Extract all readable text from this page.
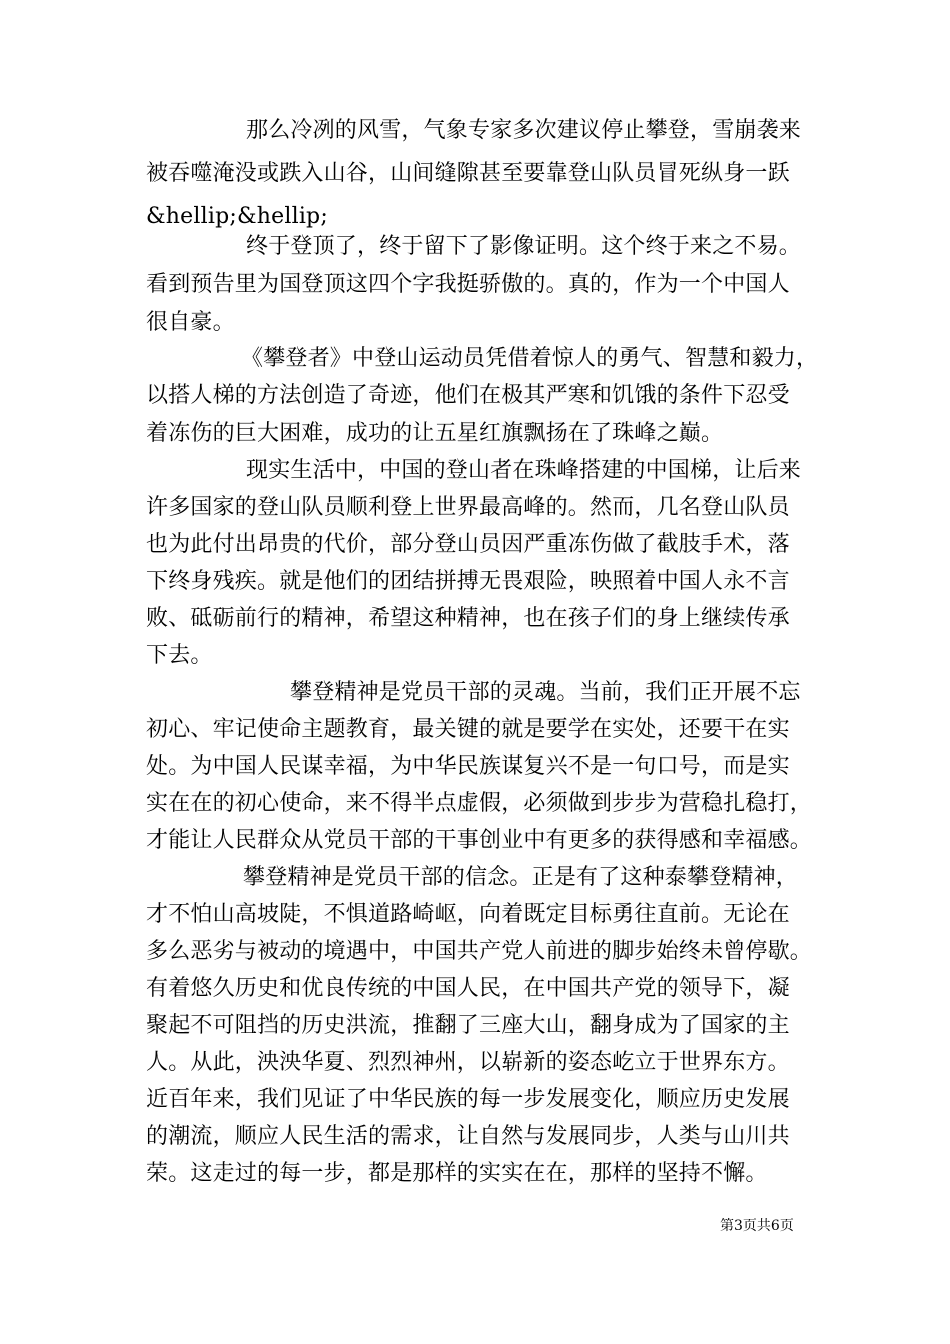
那么冷冽的风雪，气象专家多次建议停止攀登，雪崩袭来
被吞噬淹没或跌入山谷，山间缝隙甚至要靠登山队员冒死纵身一跃
&hellip;&hellip;
终于登顶了，终于留下了影像证明。这个终于来之不易。
看到预告里为国登顶这四个字我挺骄傲的。真的，作为一个中国人
很自豪。
《攀登者》中登山运动员凭借着惊人的勇气、智慧和毅力，
以搭人梯的方法创造了奇迹，他们在极其严寒和饥饿的条件下忍受
着冻伤的巨大困难，成功的让五星红旗飘扬在了珠峰之巅。
现实生活中，中国的登山者在珠峰搭建的中国梯，让后来
许多国家的登山队员顺利登上世界最高峰的。然而，几名登山队员
也为此付出昂贵的代价，部分登山员因严重冻伤做了截肢手术，落
下终身残疾。就是他们的团结拼搏无畏艰险，映照着中国人永不言
败、砥砺前行的精神，希望这种精神，也在孩子们的身上继续传承
下去。
攀登精神是党员干部的灵魂。当前，我们正开展不忘
初心、牢记使命主题教育，最关键的就是要学在实处，还要干在实
处。为中国人民谋幸福，为中华民族谋复兴不是一句口号，而是实
实在在的初心使命，来不得半点虚假，必须做到步步为营稳扎稳打，
才能让人民群众从党员干部的干事创业中有更多的获得感和幸福感。
攀登精神是党员干部的信念。正是有了这种泰攀登精神，
才不怕山高坡陡，不惧道路崎岖，向着既定目标勇往直前。无论在
多么恶劣与被动的境遇中，中国共产党人前进的脚步始终未曾停歇。
有着悠久历史和优良传统的中国人民，在中国共产党的领导下，凝
聚起不可阻挡的历史洪流，推翻了三座大山，翻身成为了国家的主
人。从此，泱泱华夏、烈烈神州，以崭新的姿态屹立于世界东方。
近百年来，我们见证了中华民族的每一步发展变化，顺应历史发展
的潮流，顺应人民生活的需求，让自然与发展同步，人类与山川共
荣。这走过的每一步，都是那样的实实在在，那样的坚持不懈。
第3页共6页
